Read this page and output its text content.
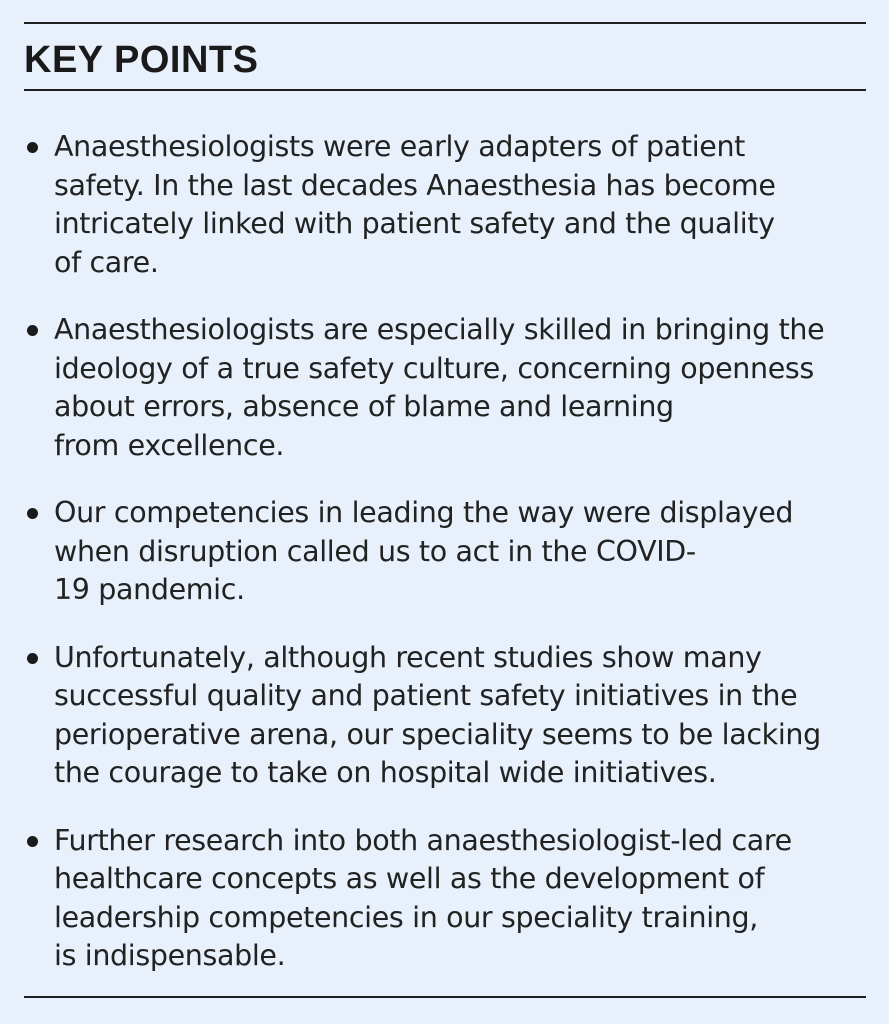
KEY POINTS
Anaesthesiologists were early adapters of patient
safety. In the last decades Anaesthesia has become
intricately linked with patient safety and the quality
of care.
Anaesthesiologists are especially skilled in bringing the
ideology of a true safety culture, concerning openness
about errors, absence of blame and learning
from excellence.
Our competencies in leading the way were displayed
when disruption called us to act in the COVID-
19 pandemic.
Unfortunately, although recent studies show many
successful quality and patient safety initiatives in the
perioperative arena, our speciality seems to be lacking
the courage to take on hospital wide initiatives.
Further research into both anaesthesiologist-led care
healthcare concepts as well as the development of
leadership competencies in our speciality training,
is indispensable.
